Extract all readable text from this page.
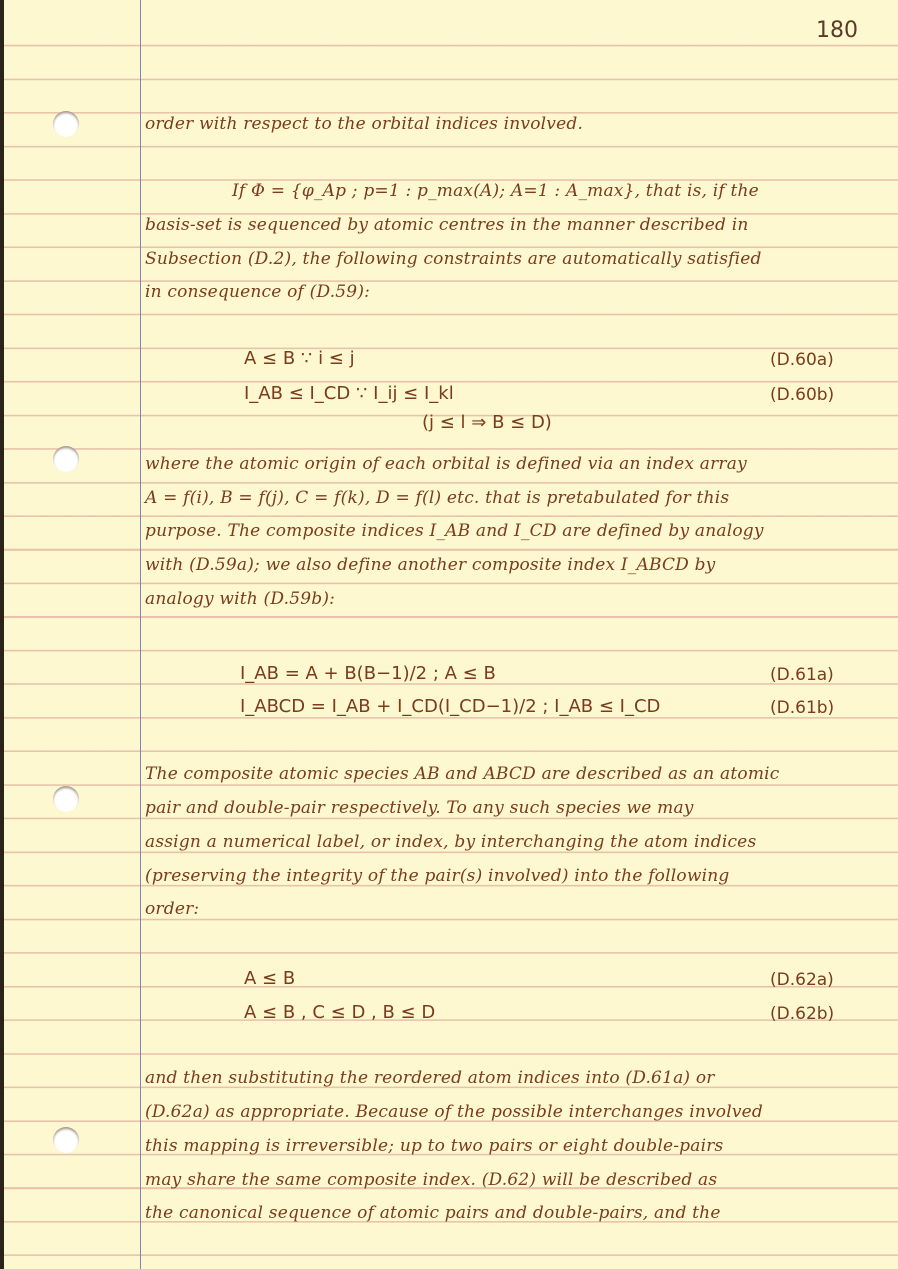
180
order with respect to the orbital indices involved.
If Φ = {φ_Ap ; p=1 : p_max(A); A=1 : A_max}, that is, if the
basis-set is sequenced by atomic centres in the manner described in
Subsection (D.2), the following constraints are automatically satisfied
in consequence of (D.59):
A ≤ B ∵ i ≤ j	(D.60a)
I_AB ≤ I_CD ∵ I_ij ≤ I_kl	(D.60b)
(j ≤ l ⇒ B ≤ D)
where the atomic origin of each orbital is defined via an index array
A = f(i), B = f(j), C = f(k), D = f(l) etc. that is pretabulated for this
purpose. The composite indices I_AB and I_CD are defined by analogy
with (D.59a); we also define another composite index I_ABCD by
analogy with (D.59b):
I_AB = A + B(B−1)/2 ; A ≤ B	(D.61a)
I_ABCD = I_AB + I_CD(I_CD−1)/2 ; I_AB ≤ I_CD	(D.61b)
The composite atomic species AB and ABCD are described as an atomic
pair and double-pair respectively. To any such species we may
assign a numerical label, or index, by interchanging the atom indices
(preserving the integrity of the pair(s) involved) into the following
order:
A ≤ B	(D.62a)
A ≤ B , C ≤ D , B ≤ D	(D.62b)
and then substituting the reordered atom indices into (D.61a) or
(D.62a) as appropriate. Because of the possible interchanges involved
this mapping is irreversible; up to two pairs or eight double-pairs
may share the same composite index. (D.62) will be described as
the canonical sequence of atomic pairs and double-pairs, and the
